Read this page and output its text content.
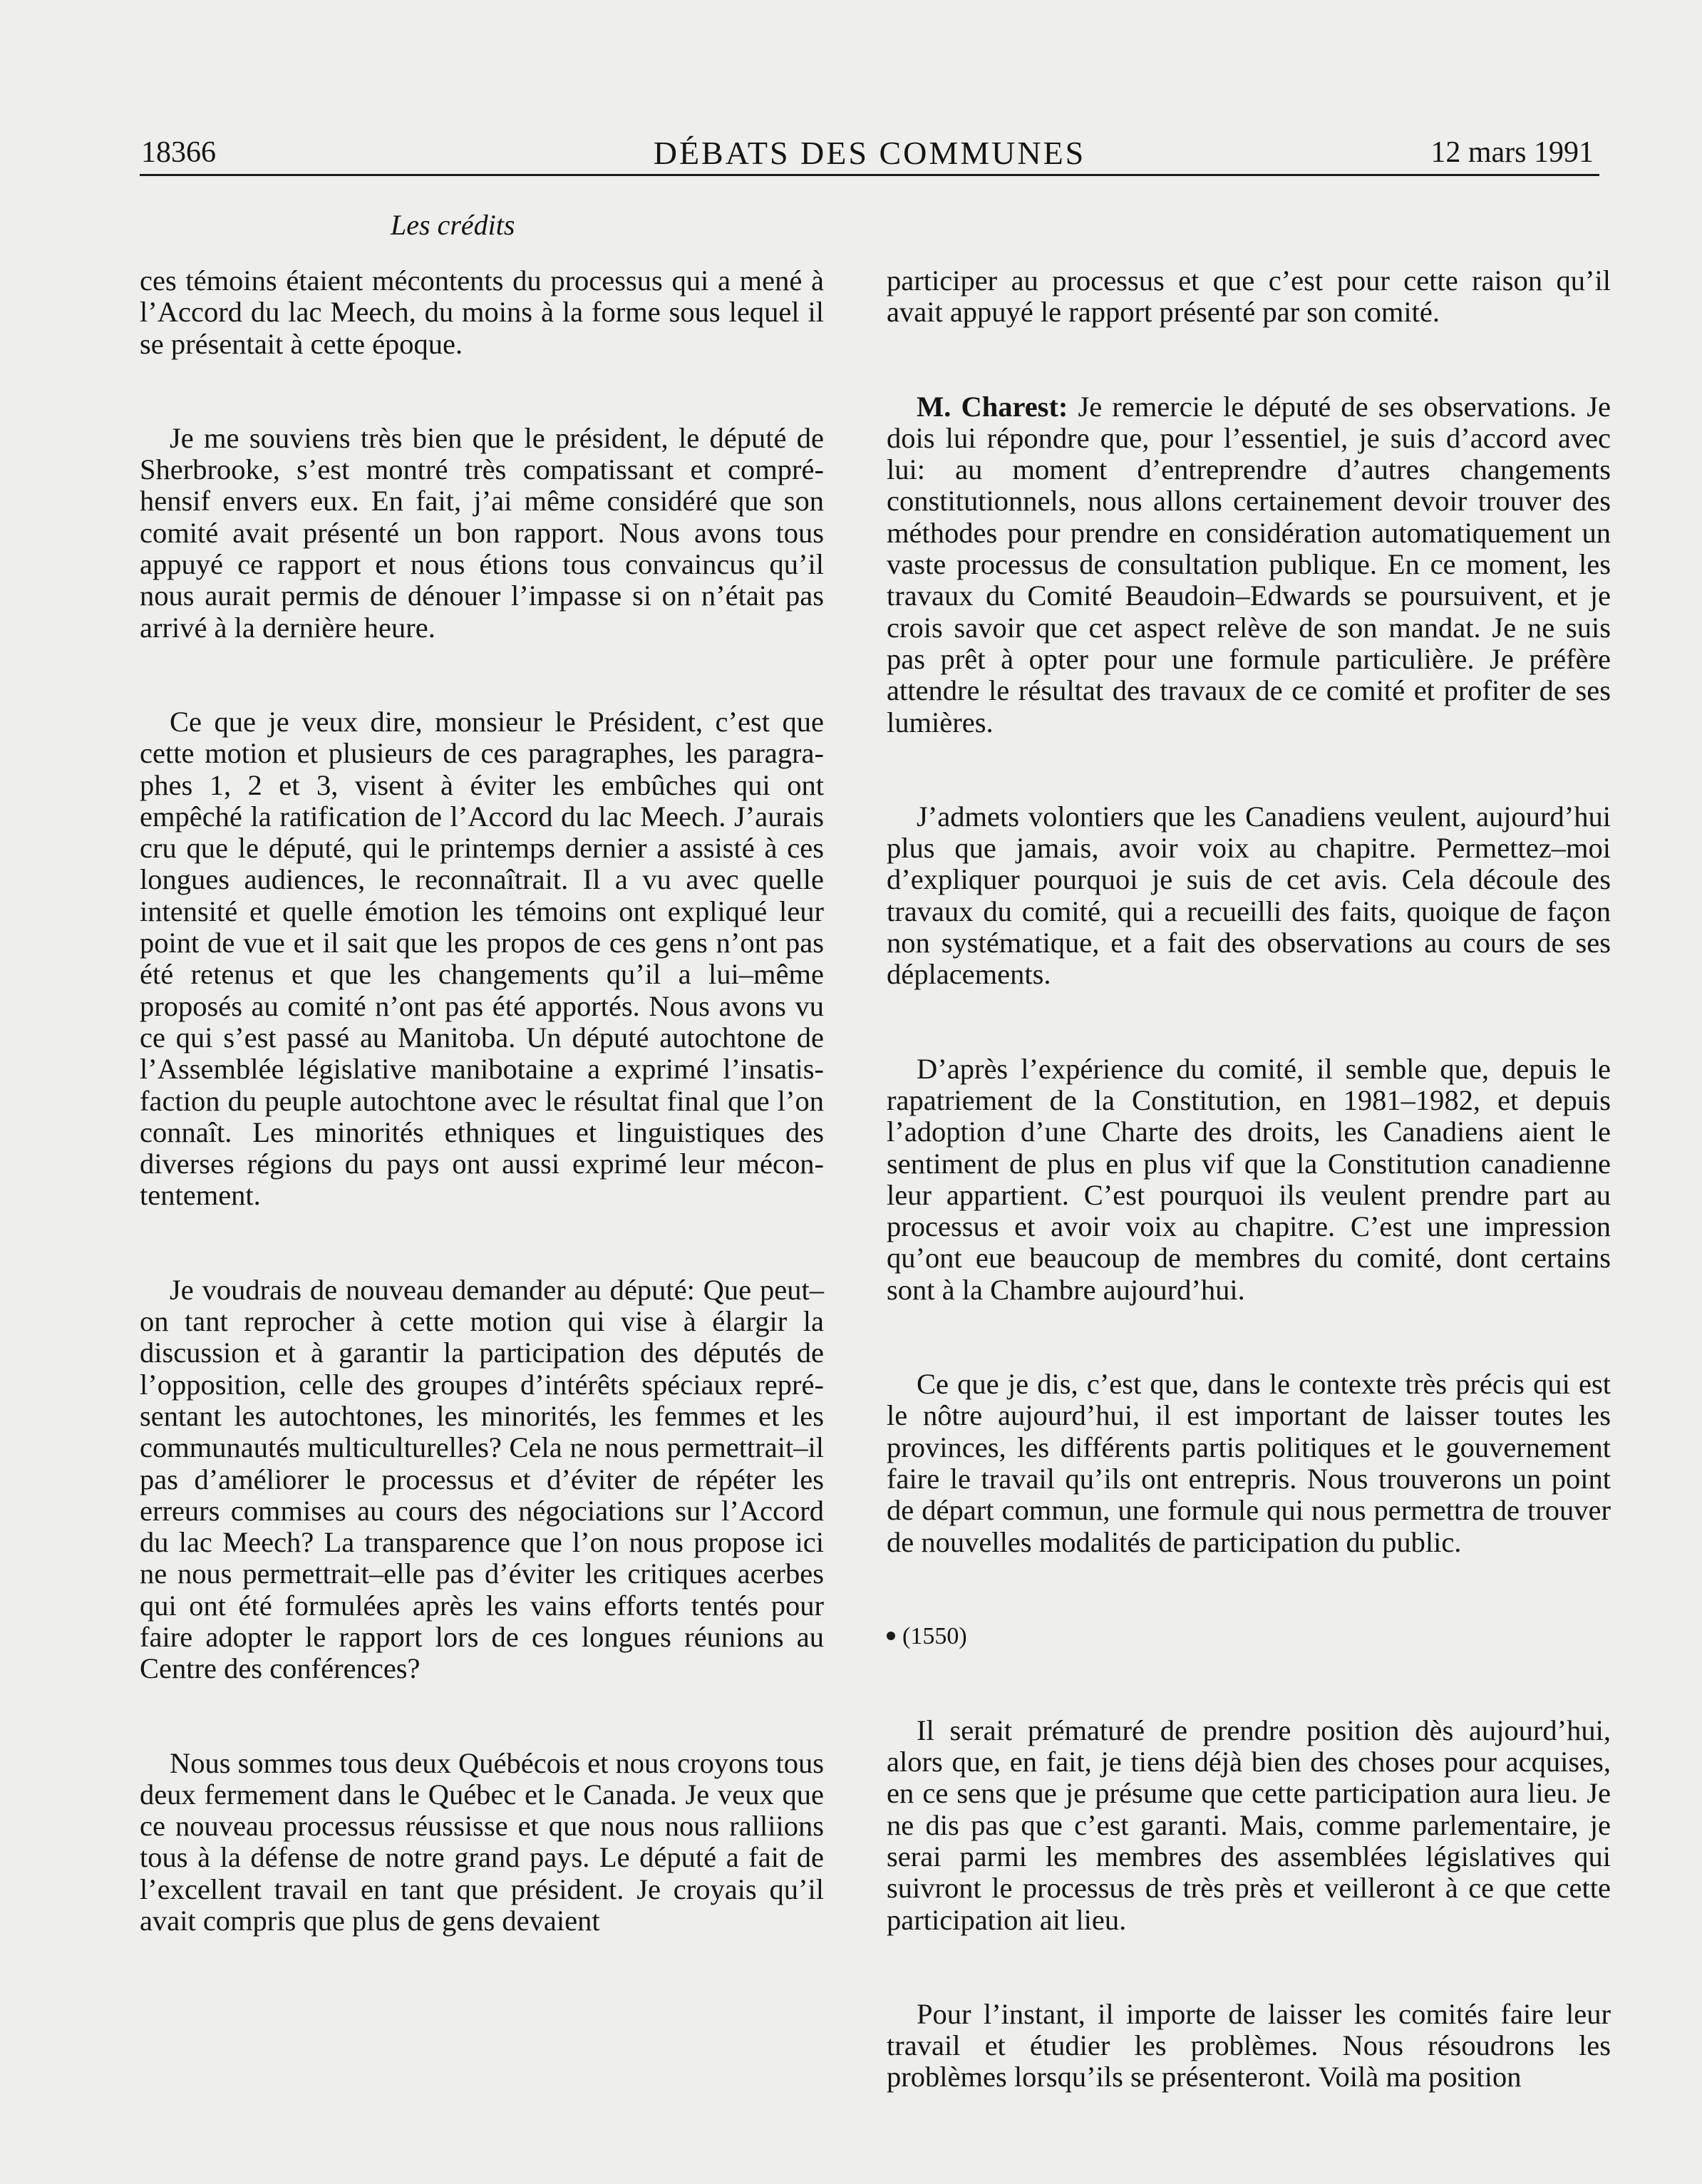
18366	DÉBATS DES COMMUNES	12 mars 1991
Les crédits

ces témoins étaient mécontents du processus qui a mené à l’Accord du lac Meech, du moins à la forme sous lequel il se présentait à cette époque.

Je me souviens très bien que le président, le député de Sherbrooke, s’est montré très compatissant et compréhensif envers eux. En fait, j’ai même considéré que son comité avait présenté un bon rapport. Nous avons tous appuyé ce rapport et nous étions tous convaincus qu’il nous aurait permis de dénouer l’impasse si on n’était pas arrivé à la dernière heure.

Ce que je veux dire, monsieur le Président, c’est que cette motion et plusieurs de ces paragraphes, les paragraphes 1, 2 et 3, visent à éviter les embûches qui ont empêché la ratification de l’Accord du lac Meech. J’aurais cru que le député, qui le printemps dernier a assisté à ces longues audiences, le reconnaîtrait. Il a vu avec quelle intensité et quelle émotion les témoins ont expliqué leur point de vue et il sait que les propos de ces gens n’ont pas été retenus et que les changements qu’il a lui–même proposés au comité n’ont pas été apportés. Nous avons vu ce qui s’est passé au Manitoba. Un député autochtone de l’Assemblée législative manibotaine a exprimé l’insatisfaction du peuple autochtone avec le résultat final que l’on connaît. Les minorités ethniques et linguistiques des diverses régions du pays ont aussi exprimé leur mécontentement.

Je voudrais de nouveau demander au député: Que peut–on tant reprocher à cette motion qui vise à élargir la discussion et à garantir la participation des députés de l’opposition, celle des groupes d’intérêts spéciaux représentant les autochtones, les minorités, les femmes et les communautés multiculturelles? Cela ne nous permettrait–il pas d’améliorer le processus et d’éviter de répéter les erreurs commises au cours des négociations sur l’Accord du lac Meech? La transparence que l’on nous propose ici ne nous permettrait–elle pas d’éviter les critiques acerbes qui ont été formulées après les vains efforts tentés pour faire adopter le rapport lors de ces longues réunions au Centre des conférences?

Nous sommes tous deux Québécois et nous croyons tous deux fermement dans le Québec et le Canada. Je veux que ce nouveau processus réussisse et que nous nous ralliions tous à la défense de notre grand pays. Le député a fait de l’excellent travail en tant que président. Je croyais qu’il avait compris que plus de gens devaient

participer au processus et que c’est pour cette raison qu’il avait appuyé le rapport présenté par son comité.

M. Charest: Je remercie le député de ses observations. Je dois lui répondre que, pour l’essentiel, je suis d’accord avec lui: au moment d’entreprendre d’autres changements constitutionnels, nous allons certainement devoir trouver des méthodes pour prendre en considération automatiquement un vaste processus de consultation publique. En ce moment, les travaux du Comité Beaudoin–Edwards se poursuivent, et je crois savoir que cet aspect relève de son mandat. Je ne suis pas prêt à opter pour une formule particulière. Je préfère attendre le résultat des travaux de ce comité et profiter de ses lumières.

J’admets volontiers que les Canadiens veulent, aujourd’hui plus que jamais, avoir voix au chapitre. Permettez–moi d’expliquer pourquoi je suis de cet avis. Cela découle des travaux du comité, qui a recueilli des faits, quoique de façon non systématique, et a fait des observations au cours de ses déplacements.

D’après l’expérience du comité, il semble que, depuis le rapatriement de la Constitution, en 1981–1982, et depuis l’adoption d’une Charte des droits, les Canadiens aient le sentiment de plus en plus vif que la Constitution canadienne leur appartient. C’est pourquoi ils veulent prendre part au processus et avoir voix au chapitre. C’est une impression qu’ont eue beaucoup de membres du comité, dont certains sont à la Chambre aujourd’hui.

Ce que je dis, c’est que, dans le contexte très précis qui est le nôtre aujourd’hui, il est important de laisser toutes les provinces, les différents partis politiques et le gouvernement faire le travail qu’ils ont entrepris. Nous trouverons un point de départ commun, une formule qui nous permettra de trouver de nouvelles modalités de participation du public.

(1550)

Il serait prématuré de prendre position dès aujourd’hui, alors que, en fait, je tiens déjà bien des choses pour acquises, en ce sens que je présume que cette participation aura lieu. Je ne dis pas que c’est garanti. Mais, comme parlementaire, je serai parmi les membres des assemblées législatives qui suivront le processus de très près et veilleront à ce que cette participation ait lieu.

Pour l’instant, il importe de laisser les comités faire leur travail et étudier les problèmes. Nous résoudrons les problèmes lorsqu’ils se présenteront. Voilà ma position
